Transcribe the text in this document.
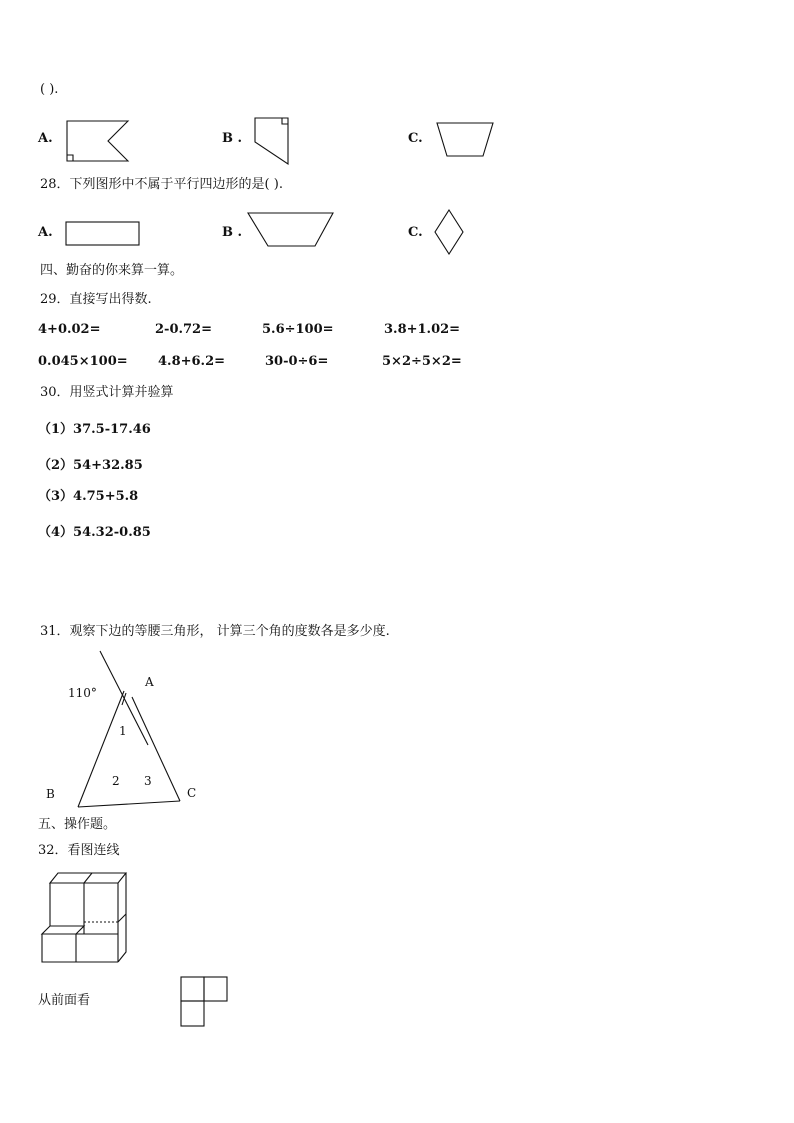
( ).
A.	B .	C.
28．下列图形中不属于平行四边形的是( ).
A.	B .	C.
四、勤奋的你来算一算。
29．直接写出得数.
4+0.02=	2-0.72=	5.6÷100=	3.8+1.02=
0.045×100= 4.8+6.2=	30-0÷6=	5×2÷5×2=
30．用竖式计算并验算
（1）37.5-17.46
（2）54+32.85
（3）4.75+5.8
（4）54.32-0.85
31．观察下边的等腰三角形， 计算三个角的度数各是多少度.
110°
A
1
2 3
B	C
五、操作题。
32．看图连线
从前面看
